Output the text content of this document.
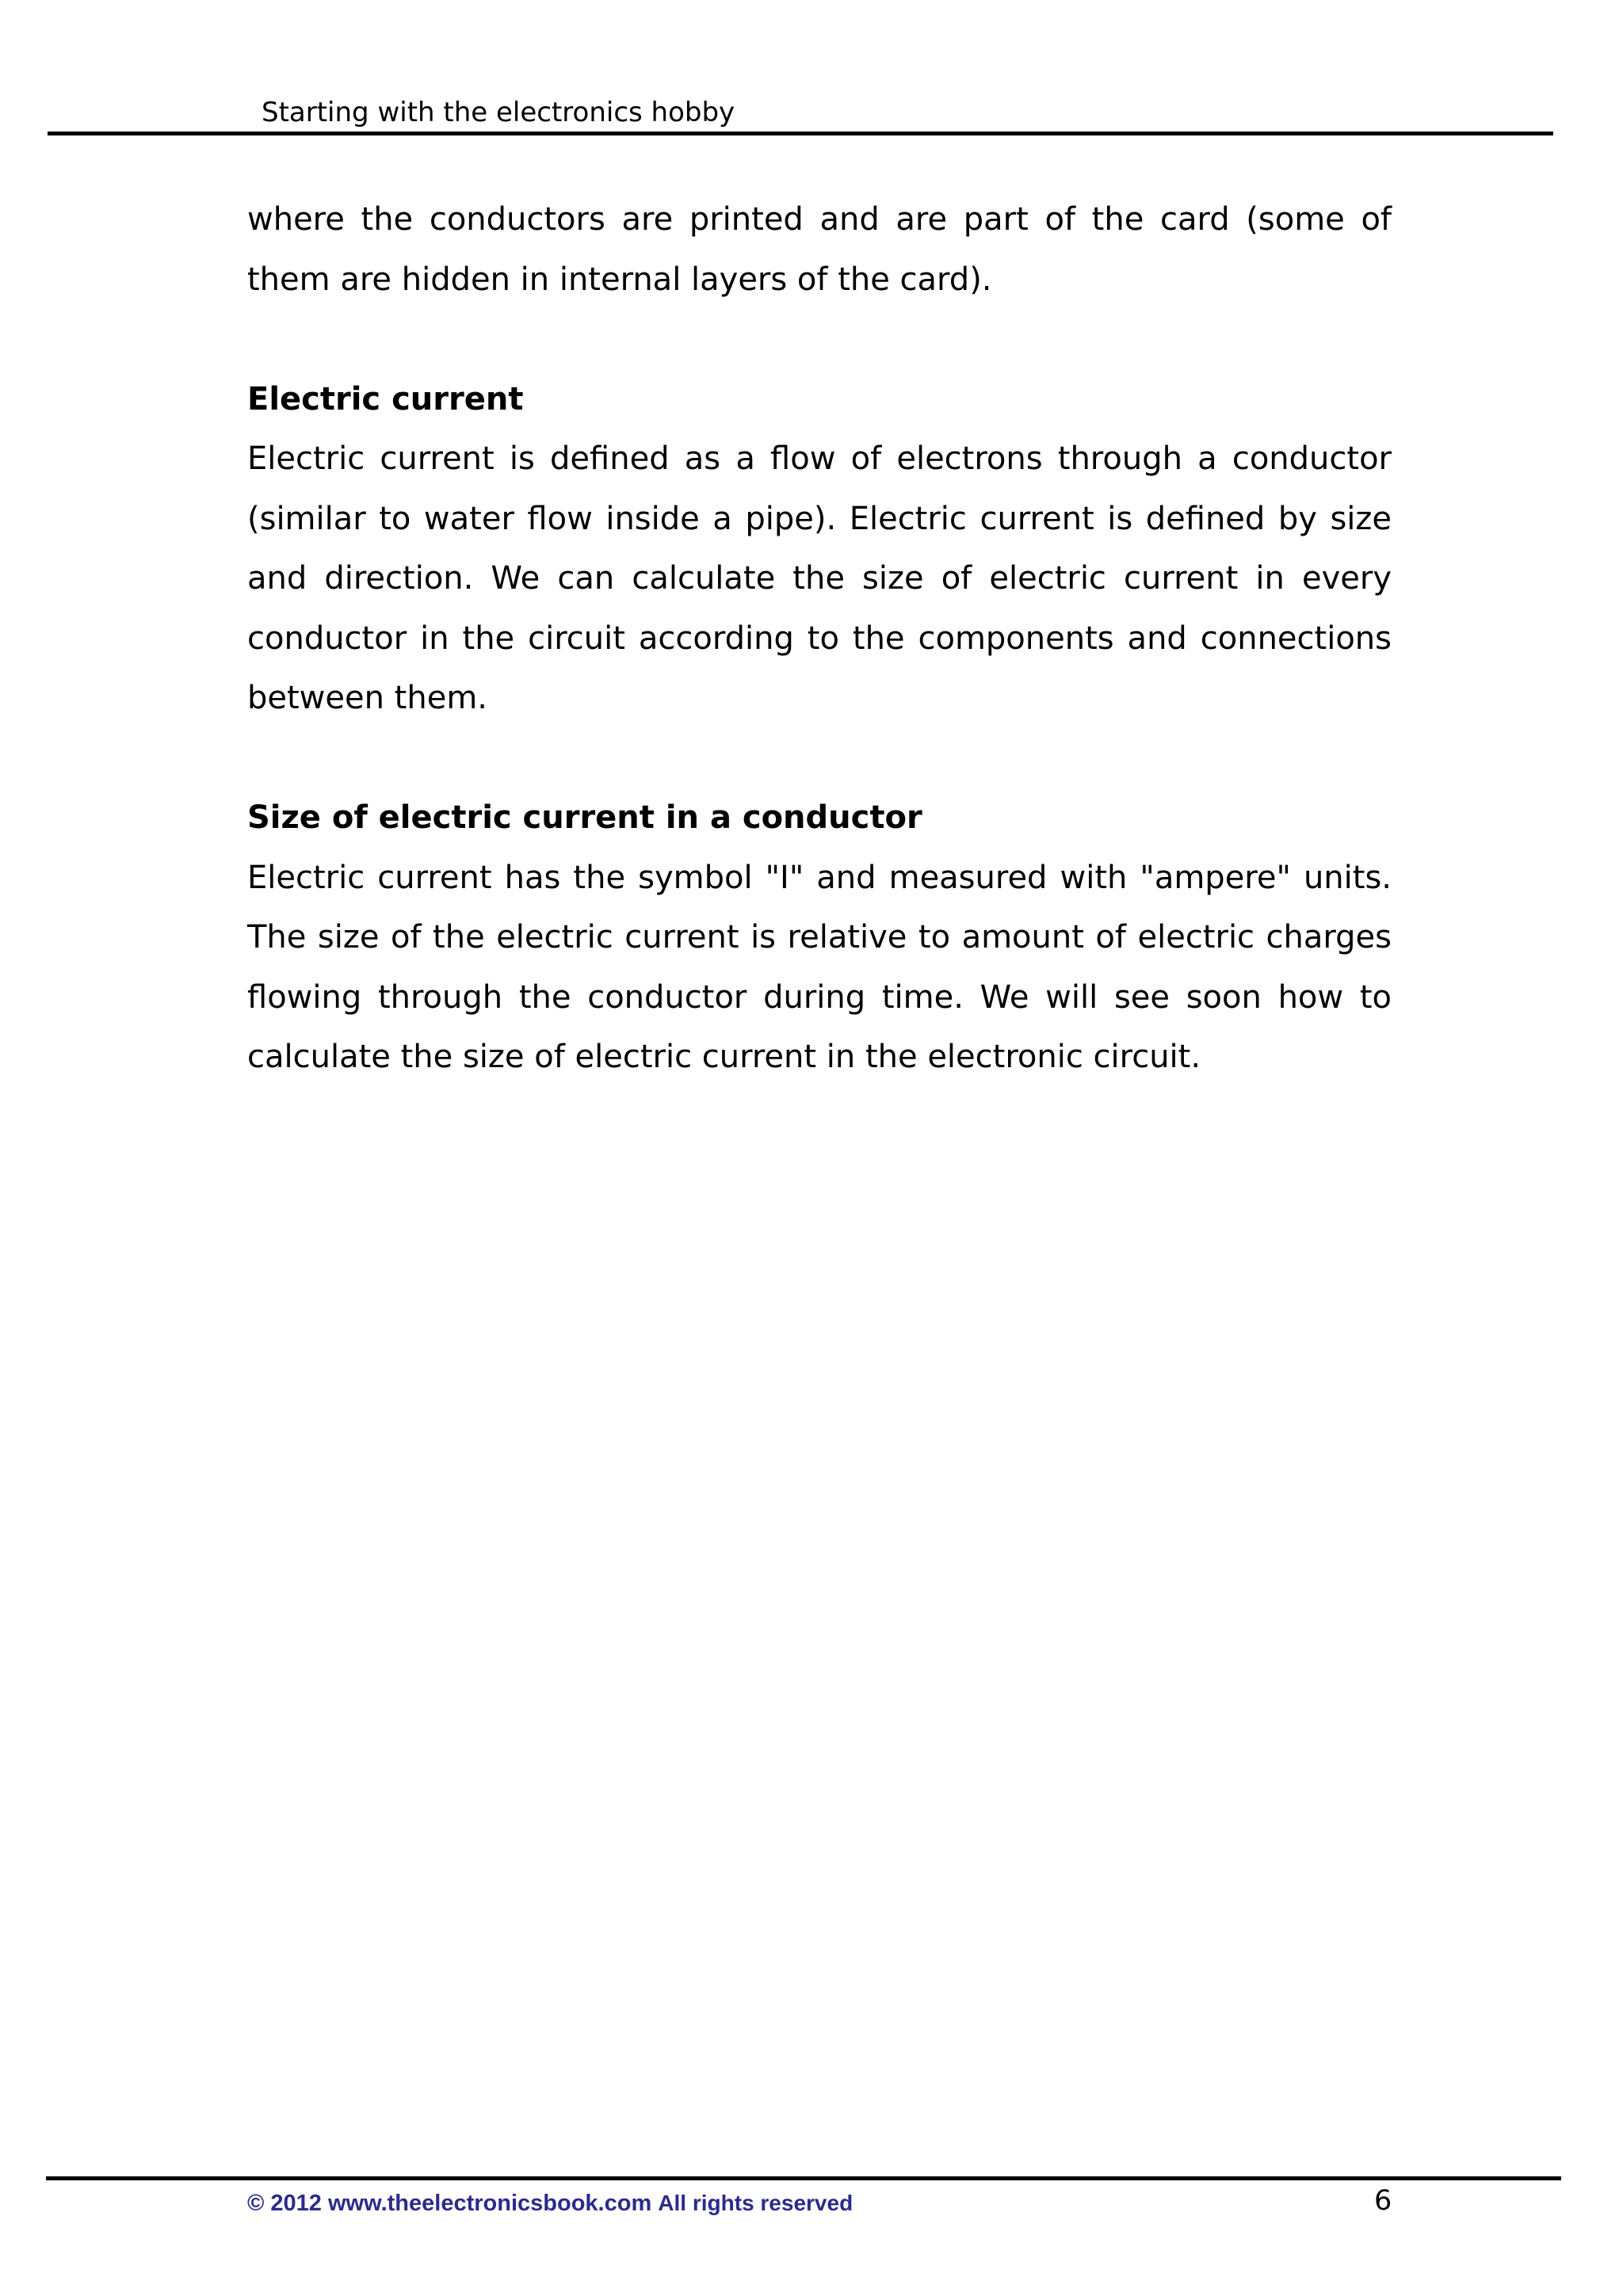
Starting with the electronics hobby

where the conductors are printed and are part of the card (some of them are hidden in internal layers of the card).

Electric current

Electric current is defined as a flow of electrons through a conductor (similar to water flow inside a pipe). Electric current is defined by size and direction. We can calculate the size of electric current in every conductor in the circuit according to the components and connections between them.

Size of electric current in a conductor

Electric current has the symbol "I" and measured with "ampere" units. The size of the electric current is relative to amount of electric charges flowing through the conductor during time. We will see soon how to calculate the size of electric current in the electronic circuit.

© 2012 www.theelectronicsbook.com All rights reserved	6
